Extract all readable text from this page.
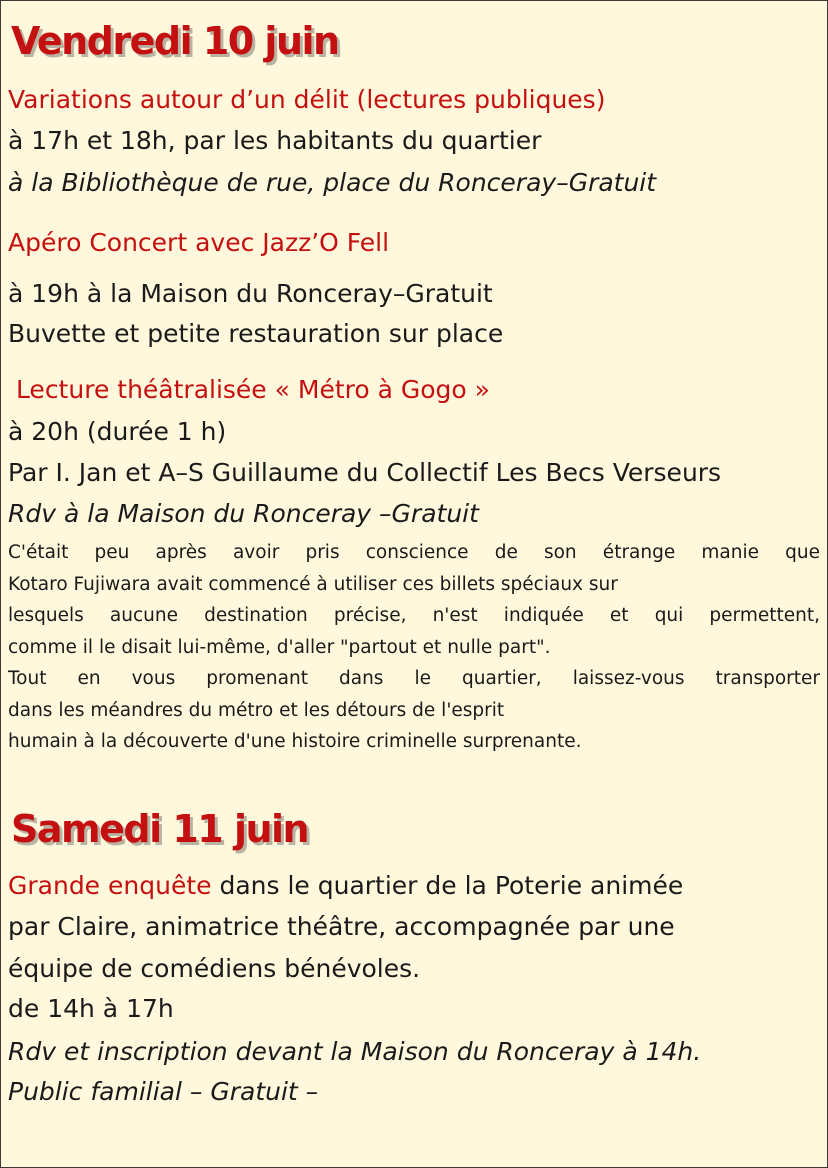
Vendredi 10 juin
Variations autour d’un délit (lectures publiques)
à 17h et 18h, par les habitants du quartier
à la Bibliothèque de rue, place du Ronceray–Gratuit
Apéro Concert avec Jazz’O Fell
à 19h à la Maison du Ronceray–Gratuit
Buvette et petite restauration sur place
Lecture théâtralisée « Métro à Gogo »
à 20h (durée 1 h)
Par I. Jan et A–S Guillaume du Collectif Les Becs Verseurs
Rdv à la Maison du Ronceray –Gratuit

C'était peu après avoir pris conscience de son étrange manie que

Kotaro Fujiwara avait commencé à utiliser ces billets spéciaux sur

lesquels aucune destination précise, n'est indiquée et qui permettent,

comme il le disait lui-même, d'aller "partout et nulle part".

Tout en vous promenant dans le quartier, laissez-vous transporter

dans les méandres du métro et les détours de l'esprit

humain à la découverte d'une histoire criminelle surprenante.

Samedi 11 juin
Grande enquête dans le quartier de la Poterie animée
par Claire, animatrice théâtre, accompagnée par une
équipe de comédiens bénévoles.
de 14h à 17h
Rdv et inscription devant la Maison du Ronceray à 14h.
Public familial – Gratuit –
